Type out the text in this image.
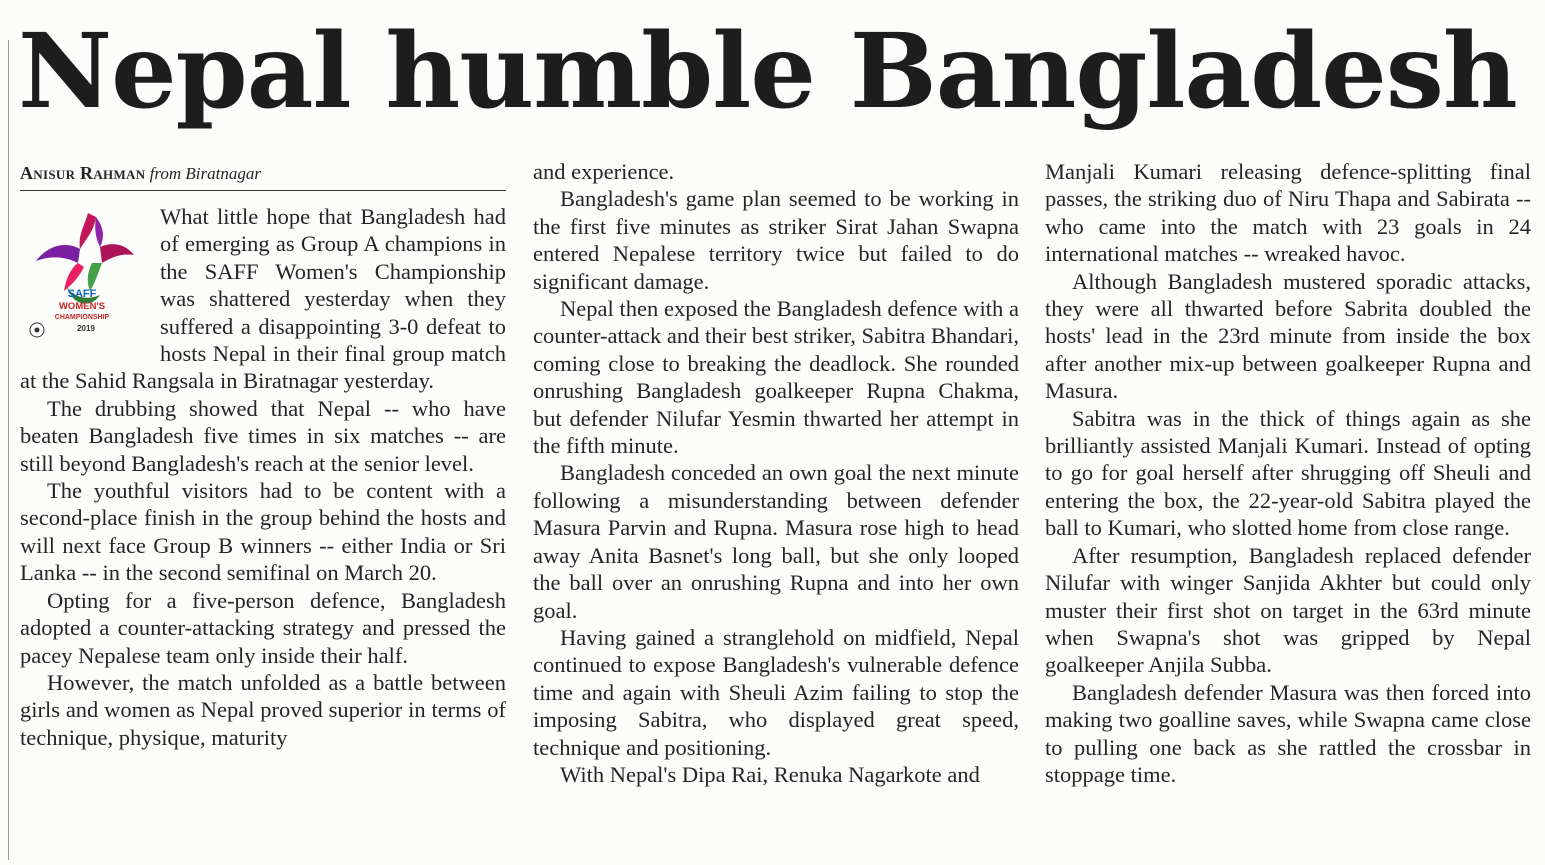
Nepal humble Bangladesh
Anisur Rahman from Biratnagar
SAFF
WOMEN'S
CHAMPIONSHIP
2019

What little hope that Bangladesh had of emerging as Group A champions in the SAFF Women's Championship was shattered yesterday when they suffered a disappointing 3-0 defeat to hosts Nepal in their final group match at the Sahid Rangsala in Biratnagar yesterday.

The drubbing showed that Nepal -- who have beaten Bangladesh five times in six matches -- are still beyond Bangladesh's reach at the senior level.

The youthful visitors had to be content with a second-place finish in the group behind the hosts and will next face Group B winners -- either India or Sri Lanka -- in the second semifinal on March 20.

Opting for a five-person defence, Bangladesh adopted a counter-attacking strategy and pressed the pacey Nepalese team only inside their half.

However, the match unfolded as a battle between girls and women as Nepal proved superior in terms of technique, physique, maturity

and experience.

Bangladesh's game plan seemed to be working in the first five minutes as striker Sirat Jahan Swapna entered Nepalese territory twice but failed to do significant damage.

Nepal then exposed the Bangladesh defence with a counter-attack and their best striker, Sabitra Bhandari, coming close to breaking the deadlock. She rounded onrushing Bangladesh goalkeeper Rupna Chakma, but defender Nilufar Yesmin thwarted her attempt in the fifth minute.

Bangladesh conceded an own goal the next minute following a misunderstanding between defender Masura Parvin and Rupna. Masura rose high to head away Anita Basnet's long ball, but she only looped the ball over an onrushing Rupna and into her own goal.

Having gained a stranglehold on midfield, Nepal continued to expose Bangladesh's vulnerable defence time and again with Sheuli Azim failing to stop the imposing Sabitra, who displayed great speed, technique and positioning.

With Nepal's Dipa Rai, Renuka Nagarkote and

Manjali Kumari releasing defence-splitting final passes, the striking duo of Niru Thapa and Sabirata -- who came into the match with 23 goals in 24 international matches -- wreaked havoc.

Although Bangladesh mustered sporadic attacks, they were all thwarted before Sabrita doubled the hosts' lead in the 23rd minute from inside the box after another mix-up between goalkeeper Rupna and Masura.

Sabitra was in the thick of things again as she brilliantly assisted Manjali Kumari. Instead of opting to go for goal herself after shrugging off Sheuli and entering the box, the 22-year-old Sabitra played the ball to Kumari, who slotted home from close range.

After resumption, Bangladesh replaced defender Nilufar with winger Sanjida Akhter but could only muster their first shot on target in the 63rd minute when Swapna's shot was gripped by Nepal goalkeeper Anjila Subba.

Bangladesh defender Masura was then forced into making two goalline saves, while Swapna came close to pulling one back as she rattled the crossbar in stoppage time.
